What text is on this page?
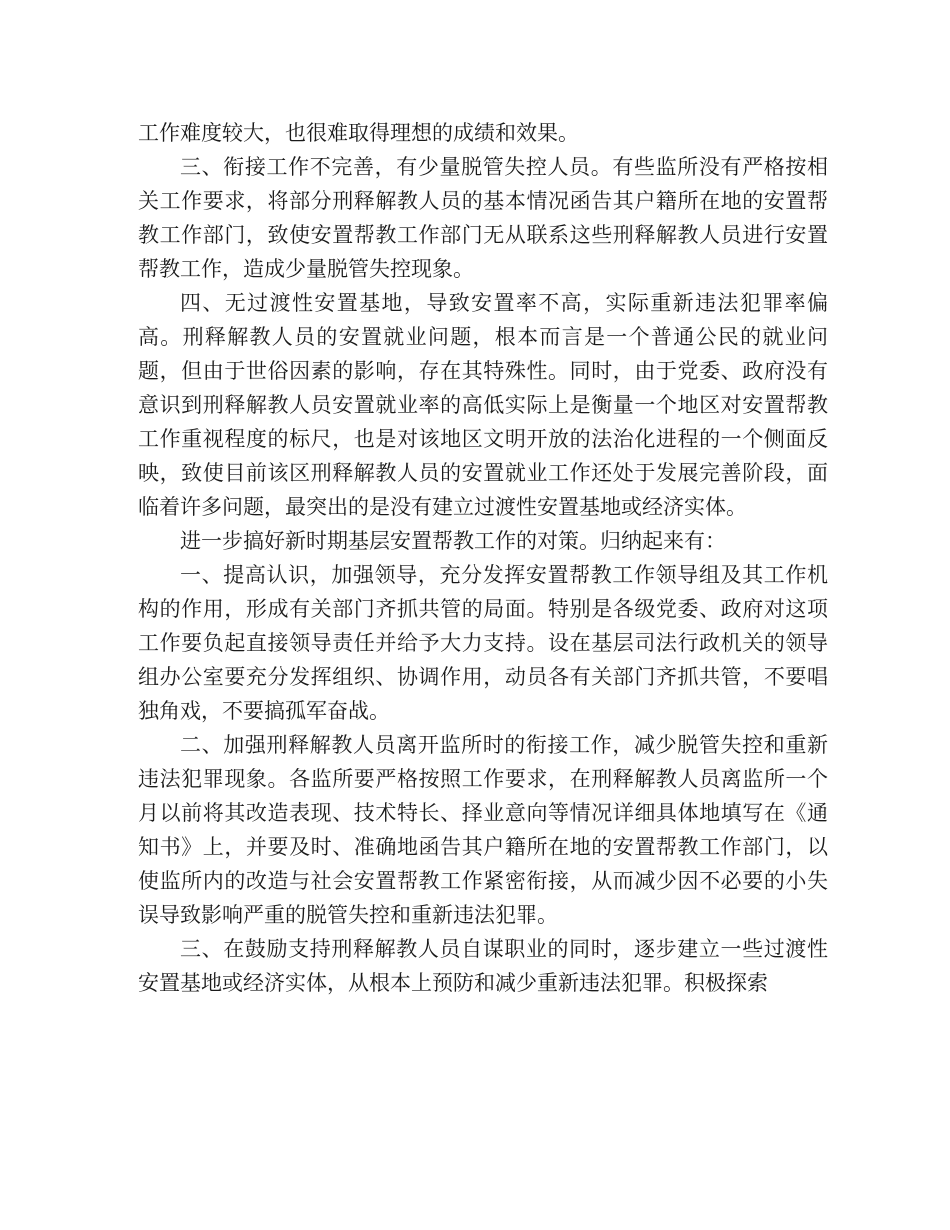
工作难度较大，也很难取得理想的成绩和效果。

三、衔接工作不完善，有少量脱管失控人员。有些监所没有严格按相关工作要求，将部分刑释解教人员的基本情况函告其户籍所在地的安置帮教工作部门，致使安置帮教工作部门无从联系这些刑释解教人员进行安置帮教工作，造成少量脱管失控现象。

四、无过渡性安置基地，导致安置率不高，实际重新违法犯罪率偏高。刑释解教人员的安置就业问题，根本而言是一个普通公民的就业问题，但由于世俗因素的影响，存在其特殊性。同时，由于党委、政府没有意识到刑释解教人员安置就业率的高低实际上是衡量一个地区对安置帮教工作重视程度的标尺，也是对该地区文明开放的法治化进程的一个侧面反映，致使目前该区刑释解教人员的安置就业工作还处于发展完善阶段，面临着许多问题，最突出的是没有建立过渡性安置基地或经济实体。

进一步搞好新时期基层安置帮教工作的对策。归纳起来有：

一、提高认识，加强领导，充分发挥安置帮教工作领导组及其工作机构的作用，形成有关部门齐抓共管的局面。特别是各级党委、政府对这项工作要负起直接领导责任并给予大力支持。设在基层司法行政机关的领导组办公室要充分发挥组织、协调作用，动员各有关部门齐抓共管，不要唱独角戏，不要搞孤军奋战。

二、加强刑释解教人员离开监所时的衔接工作，减少脱管失控和重新违法犯罪现象。各监所要严格按照工作要求，在刑释解教人员离监所一个月以前将其改造表现、技术特长、择业意向等情况详细具体地填写在《通知书》上，并要及时、准确地函告其户籍所在地的安置帮教工作部门，以使监所内的改造与社会安置帮教工作紧密衔接，从而减少因不必要的小失误导致影响严重的脱管失控和重新违法犯罪。

三、在鼓励支持刑释解教人员自谋职业的同时，逐步建立一些过渡性安置基地或经济实体，从根本上预防和减少重新违法犯罪。积极探索
